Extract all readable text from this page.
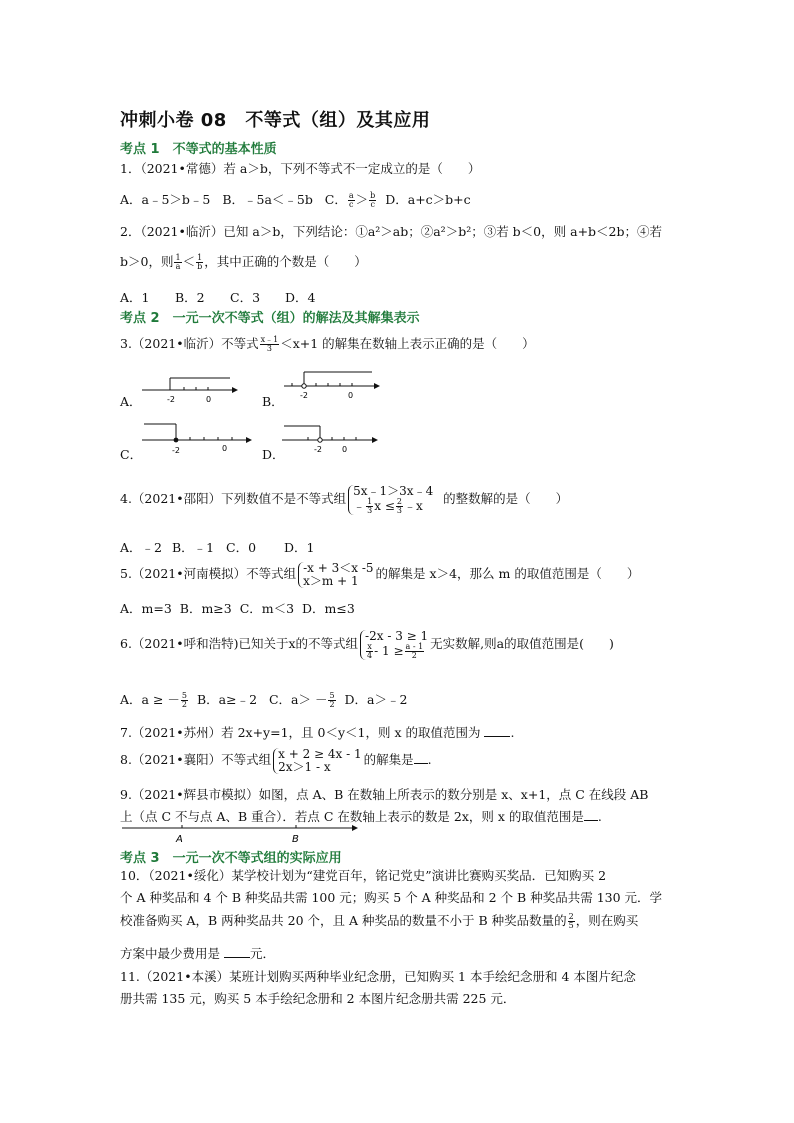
冲刺小卷 08　不等式（组）及其应用
考点 1　不等式的基本性质
1．（2021•常德）若 a＞b，下列不等式不一定成立的是（　　）
A．a﹣5＞b﹣5 B．﹣5a＜﹣5b C． $\frac{a}{c} > \frac{b}{c}$ D．a+c＞b+c
2．（2021•临沂）已知 a＞b，下列结论：①a²＞ab；②a²＞b²；③若 b＜0，则 a+b＜2b；④若
b＞0，则 $\frac{1}{a} < \frac{1}{b}$ ，其中正确的个数是（　　）
A．1 B．2 C．3 D．4
考点 2　一元一次不等式（组）的解法及其解集表示
3.（2021•临沂）不等式 $\frac{x﹣1}{3} <x+1$ 的解集在数轴上表示正确的是（　　）
A．	-2	0	B． -2	0
C．	-2	0	D．	-2	0
4.（2021•邵阳）下列数值不是不等式组
5x﹣1＞3x﹣4
﹣ $\frac{1}{3}$ $x \le \frac{2}{3}$ ﹣x	的整数解的是（　　）
A．﹣2 B．﹣1 C．0 D．1
5.（2021•河南模拟）不等式组 -x + 3＜x -5
x＞m + 1	的解集是 x＞4，那么 m 的取值范围是（　　）
A．m=3 B．m≥3 C．m＜3 D．m≤3
6.（2021•呼和浩特)已知关于x的不等式组
-2x - 3 ≥ 1
$\frac{x}{4} - 1 \ge \frac{a - 1}{2}$ 无实数解,则a的取值范围是(　　)
A．a ≥ － $\frac{5}{2}$ B．a≥﹣2 C．$a> - \frac{5}{2}$ D．a＞﹣2
7.（2021•苏州）若 2x+y=1，且 0＜y＜1，则 x 的取值范围为 .
8.（2021•襄阳）不等式组 x + 2 ≥ 4x - 1
2x＞1 - x	的解集是 .
9.（2021•辉县市模拟）如图，点 A、B 在数轴上所表示的数分别是 x、x+1，点 C 在线段 AB
上（点 C 不与点 A、B 重合）．若点 C 在数轴上表示的数是 2x，则 x 的取值范围是 .
A	B
考点 3　一元一次不等式组的实际应用
10．（2021•绥化）某学校计划为“建党百年，铭记党史”演讲比赛购买奖品．已知购买 2
个 A 种奖品和 4 个 B 种奖品共需 100 元；购买 5 个 A 种奖品和 2 个 B 种奖品共需 130 元．学
校准备购买 A，B 两种奖品共 20 个，且 A 种奖品的数量不小于 B 种奖品数量的 $\frac{2}{5}$ ，则在购买
方案中最少费用是 元．
11.（2021•本溪）某班计划购买两种毕业纪念册，已知购买 1 本手绘纪念册和 4 本图片纪念
册共需 135 元，购买 5 本手绘纪念册和 2 本图片纪念册共需 225 元．
